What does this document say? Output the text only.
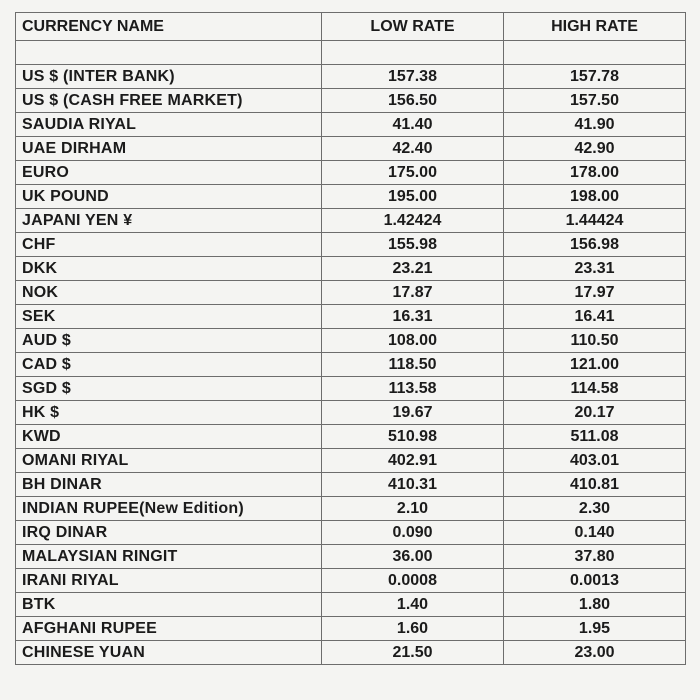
CURRENCY NAME	LOW RATE	HIGH RATE

US $ (INTER BANK)	157.38	157.78
US $ (CASH FREE MARKET)	156.50	157.50
SAUDIA RIYAL	41.40	41.90
UAE DIRHAM	42.40	42.90
EURO	175.00	178.00
UK POUND	195.00	198.00
JAPANI YEN ¥	1.42424	1.44424
CHF	155.98	156.98
DKK	23.21	23.31
NOK	17.87	17.97
SEK	16.31	16.41
AUD $	108.00	110.50
CAD $	118.50	121.00
SGD $	113.58	114.58
HK $	19.67	20.17
KWD	510.98	511.08
OMANI RIYAL	402.91	403.01
BH DINAR	410.31	410.81
INDIAN RUPEE(New Edition)	2.10	2.30
IRQ DINAR	0.090	0.140
MALAYSIAN RINGIT	36.00	37.80
IRANI RIYAL	0.0008	0.0013
BTK	1.40	1.80
AFGHANI RUPEE	1.60	1.95
CHINESE YUAN	21.50	23.00
